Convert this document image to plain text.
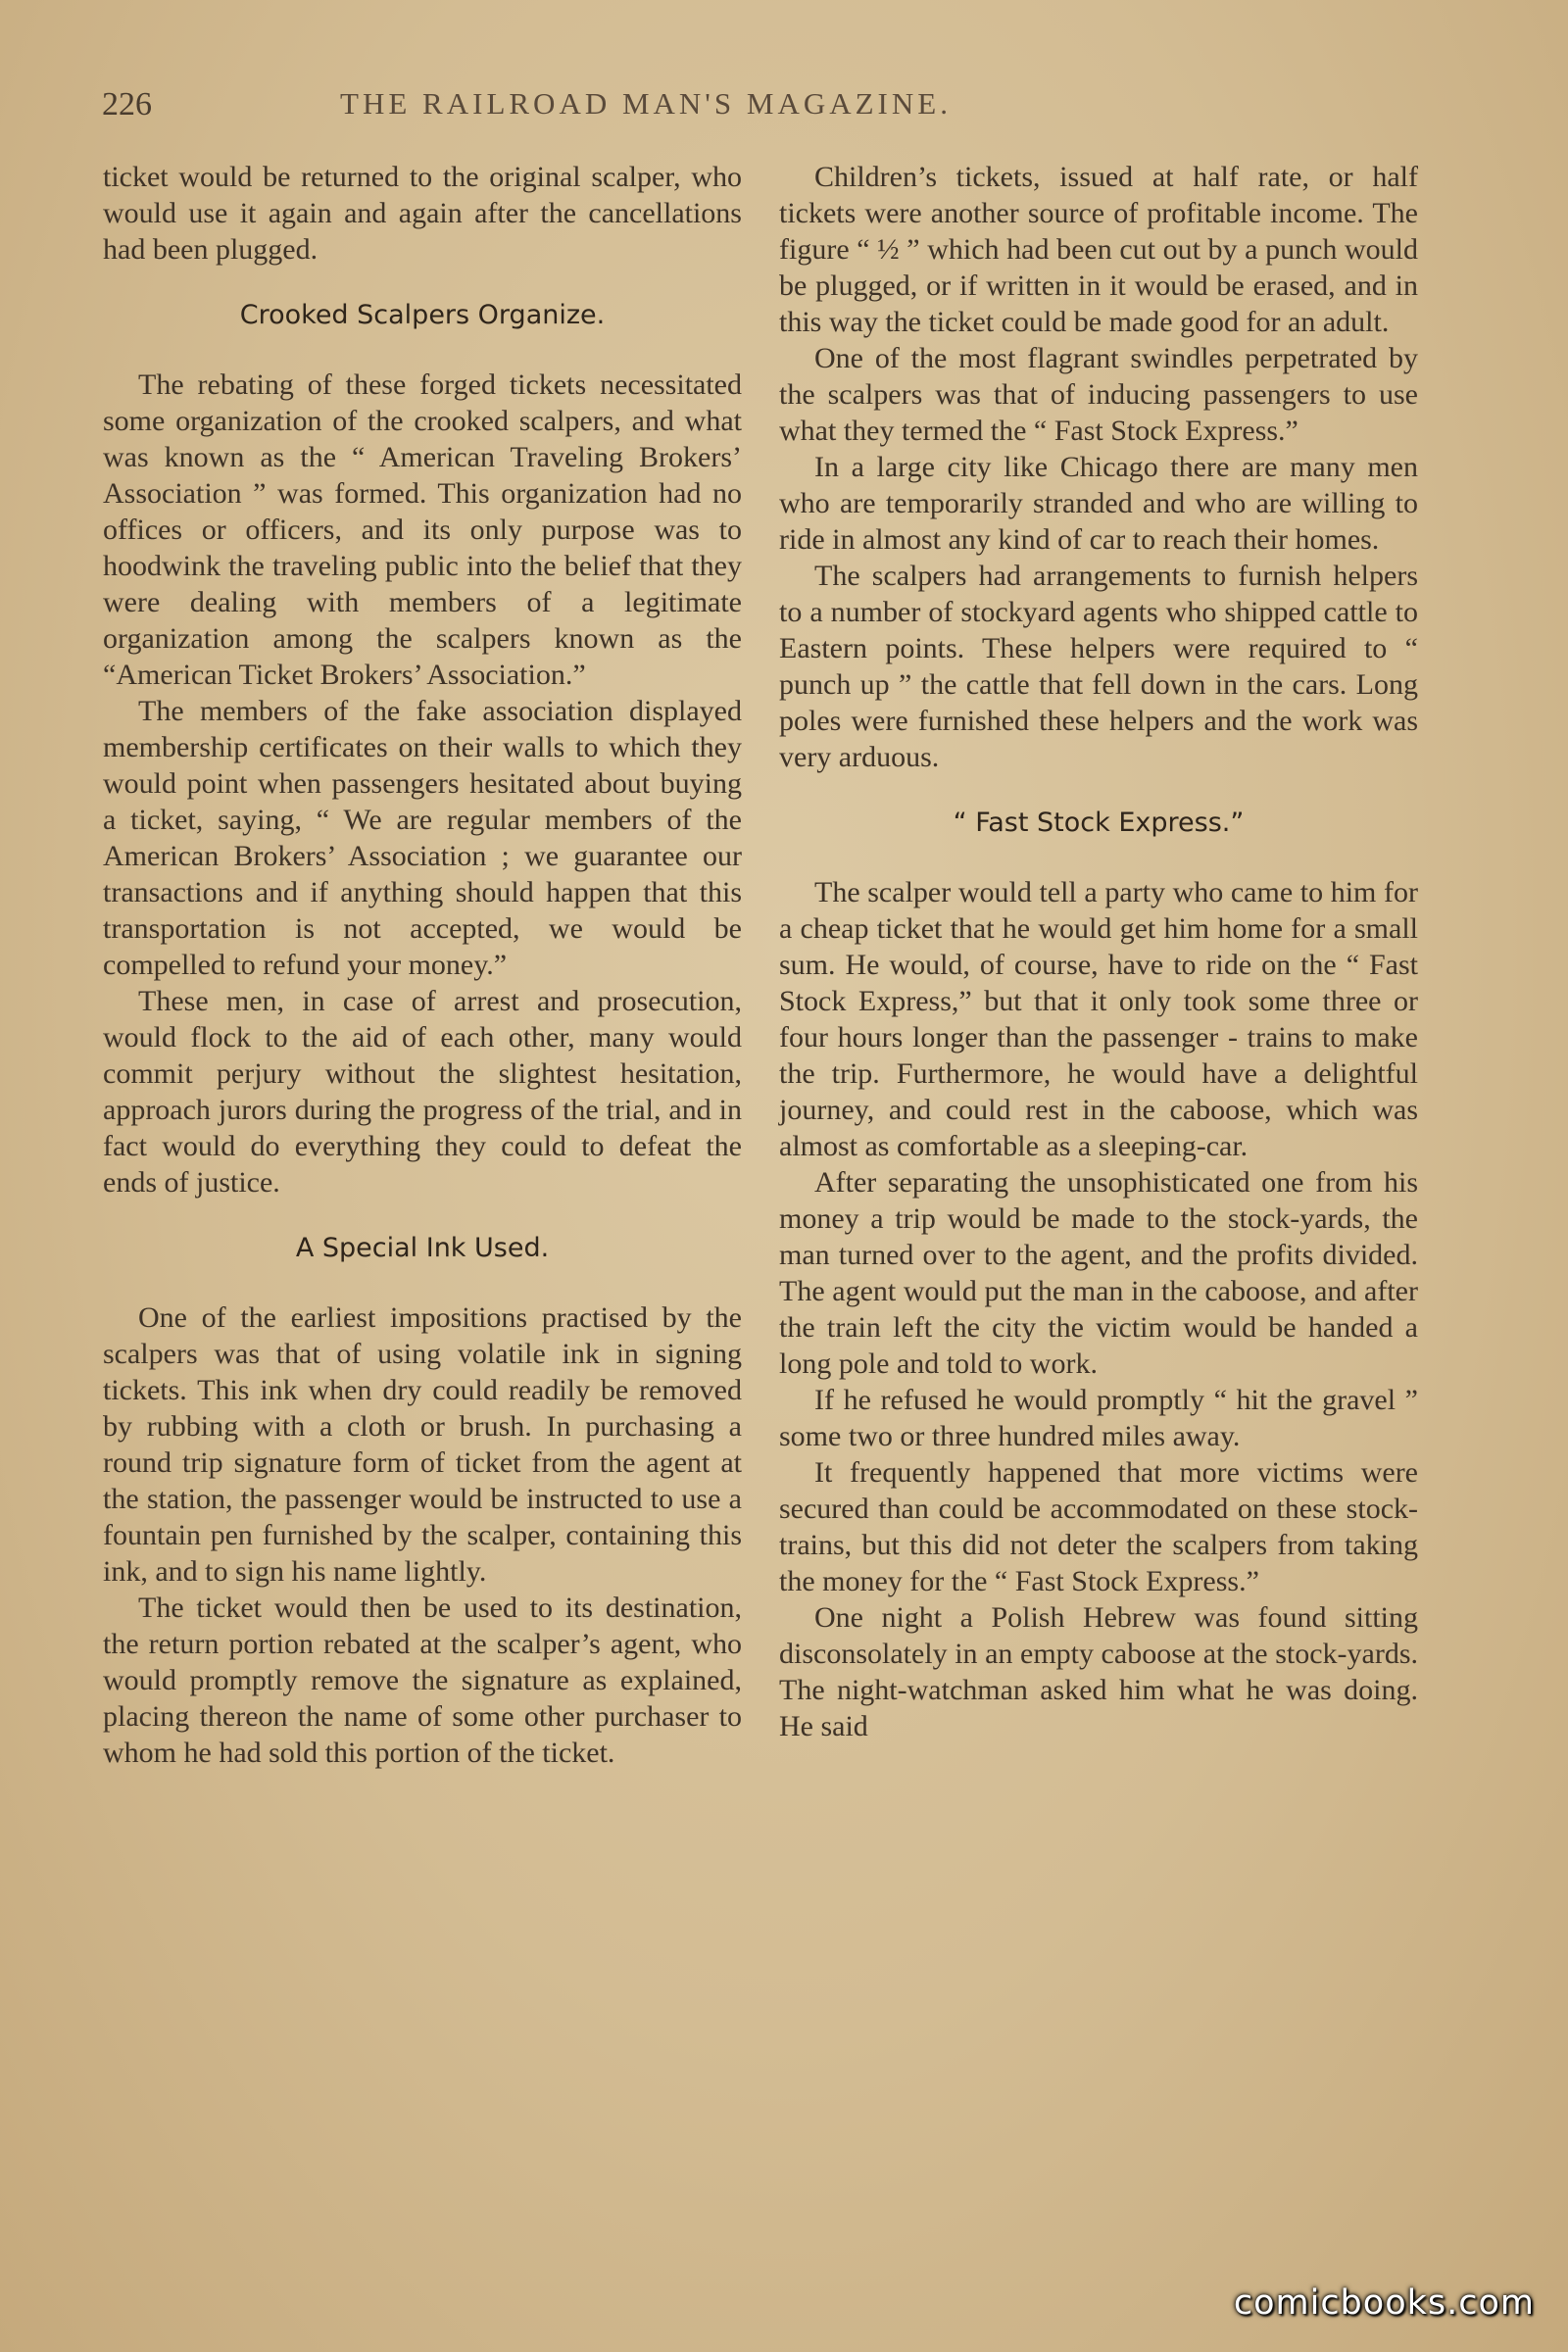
226	THE RAILROAD MAN'S MAGAZINE.

ticket would be returned to the original scalper, who would use it again and again after the cancellations had been plugged.

Crooked Scalpers Organize.

The rebating of these forged tickets necessitated some organization of the crooked scalpers, and what was known as the “ American Traveling Brokers’ Association ” was formed. This organization had no offices or officers, and its only purpose was to hoodwink the traveling public into the belief that they were dealing with members of a legitimate organization among the scalpers known as the “American Ticket Brokers’ Association.”

The members of the fake association displayed membership certificates on their walls to which they would point when passengers hesitated about buying a ticket, saying, “ We are regular members of the American Brokers’ Association ; we guarantee our transactions and if anything should happen that this transportation is not accepted, we would be compelled to refund your money.”

These men, in case of arrest and prosecution, would flock to the aid of each other, many would commit perjury without the slightest hesitation, approach jurors during the progress of the trial, and in fact would do everything they could to defeat the ends of justice.

A Special Ink Used.

One of the earliest impositions practised by the scalpers was that of using volatile ink in signing tickets. This ink when dry could readily be removed by rubbing with a cloth or brush. In purchasing a round trip signature form of ticket from the agent at the station, the passenger would be instructed to use a fountain pen furnished by the scalper, containing this ink, and to sign his name lightly.

The ticket would then be used to its destination, the return portion rebated at the scalper’s agent, who would promptly remove the signature as explained, placing thereon the name of some other purchaser to whom he had sold this portion of the ticket.

Children’s tickets, issued at half rate, or half tickets were another source of profitable income. The figure “ ½ ” which had been cut out by a punch would be plugged, or if written in it would be erased, and in this way the ticket could be made good for an adult.

One of the most flagrant swindles perpetrated by the scalpers was that of inducing passengers to use what they termed the “ Fast Stock Express.”

In a large city like Chicago there are many men who are temporarily stranded and who are willing to ride in almost any kind of car to reach their homes.

The scalpers had arrangements to furnish helpers to a number of stockyard agents who shipped cattle to Eastern points. These helpers were required to “ punch up ” the cattle that fell down in the cars. Long poles were furnished these helpers and the work was very arduous.

“ Fast Stock Express.”

The scalper would tell a party who came to him for a cheap ticket that he would get him home for a small sum. He would, of course, have to ride on the “ Fast Stock Express,” but that it only took some three or four hours longer than the passenger - trains to make the trip. Furthermore, he would have a delightful journey, and could rest in the caboose, which was almost as comfortable as a sleeping-car.

After separating the unsophisticated one from his money a trip would be made to the stock-yards, the man turned over to the agent, and the profits divided. The agent would put the man in the caboose, and after the train left the city the victim would be handed a long pole and told to work.

If he refused he would promptly “ hit the gravel ” some two or three hundred miles away.

It frequently happened that more victims were secured than could be accommodated on these stock-trains, but this did not deter the scalpers from taking the money for the “ Fast Stock Express.”

One night a Polish Hebrew was found sitting disconsolately in an empty caboose at the stock-yards. The night-watchman asked him what he was doing. He said

comicbooks.com
